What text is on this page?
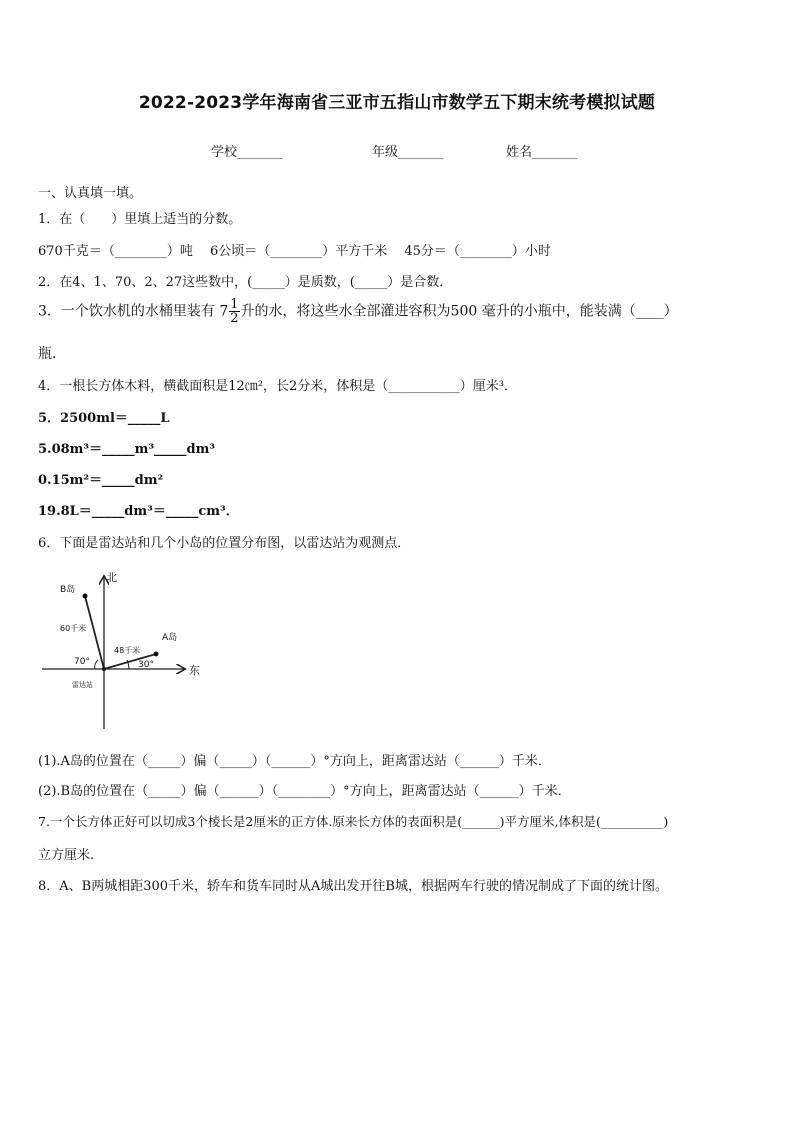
2022-2023学年海南省三亚市五指山市数学五下期末统考模拟试题
学校_______	年级_______	姓名_______
一、认真填一填。
1．在（　　）里填上适当的分数。
670千克＝（________）吨　 6公顷＝（________）平方千米　 45分＝（________）小时
2．在4、1、70、2、27这些数中，(_____）是质数，(_____）是合数．
3．一个饮水机的水桶里装有 $7 \frac{1}{2}$ 升的水，将这些水全部灌进容积为500 毫升的小瓶中，能装满（____）
瓶．
4．一根长方体木料，横截面积是12㎝²，长2分米，体积是（___________）厘米³．
5．2500ml＝_____L
5.08m³＝_____m³_____dm³
0.15m²＝_____dm²
19.8L＝_____dm³＝_____cm³．
6．下面是雷达站和几个小岛的位置分布图，以雷达站为观测点．
北
东
B岛
A岛
60千米
48千米
70°	30°
雷达站
(1).A岛的位置在（_____）偏（_____）（______）°方向上，距离雷达站（______）千米．
(2).B岛的位置在（_____）偏（______）（________）°方向上，距离雷达站（______）千米．
7.一个长方体正好可以切成3个棱长是2厘米的正方体.原来长方体的表面积是(______)平方厘米,体积是(__________)
立方厘米.
8．A、B两城相距300千米，轿车和货车同时从A城出发开往B城，根据两车行驶的情况制成了下面的统计图。
